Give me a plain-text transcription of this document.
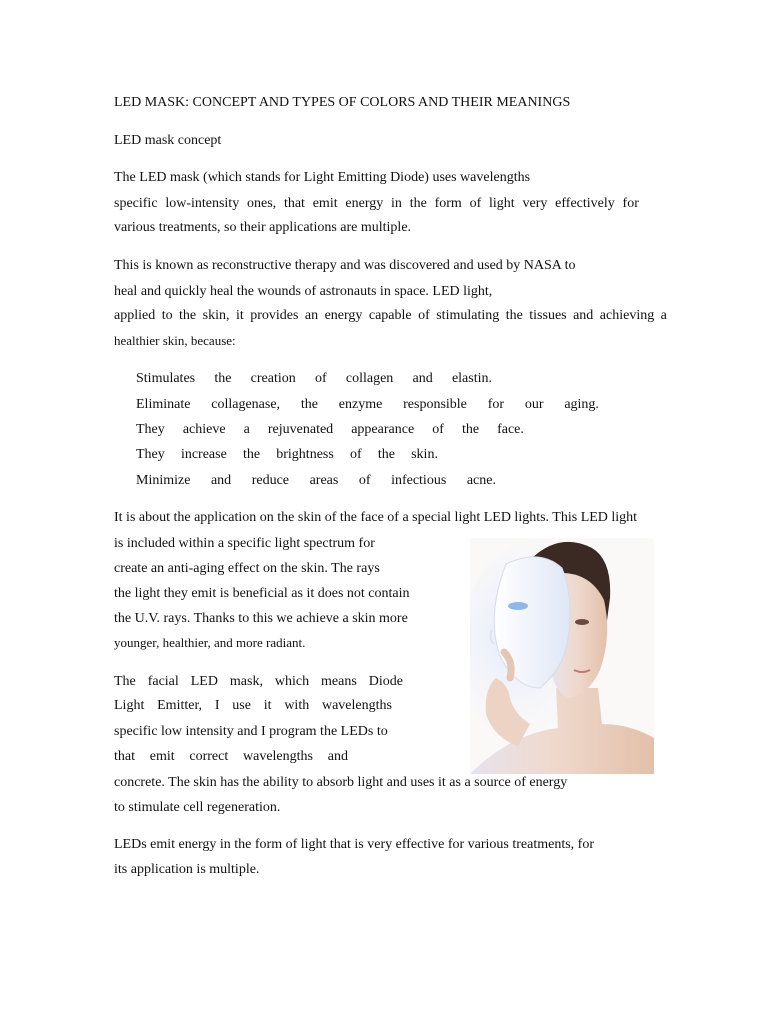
LED MASK: CONCEPT AND TYPES OF COLORS AND THEIR MEANINGS
LED mask concept
The LED mask (which stands for Light Emitting Diode) uses wavelengths
specific low-intensity ones, that emit energy in the form of light very effectively for
various treatments, so their applications are multiple.
This is known as reconstructive therapy and was discovered and used by NASA to
heal and quickly heal the wounds of astronauts in space. LED light,
applied to the skin, it provides an energy capable of stimulating the tissues and achieving a
healthier skin, because:
Stimulates the creation of collagen and elastin.
Eliminate collagenase, the enzyme responsible for our aging.
They achieve a rejuvenated appearance of the face.
They increase the brightness of the skin.
Minimize and reduce areas of infectious acne.
It is about the application on the skin of the face of a special light LED lights. This LED light
is included within a specific light spectrum for
create an anti-aging effect on the skin. The rays
the light they emit is beneficial as it does not contain
the U.V. rays. Thanks to this we achieve a skin more
younger, healthier, and more radiant.
The facial LED mask, which means Diode
Light Emitter, I use it with wavelengths
specific low intensity and I program the LEDs to
that emit correct wavelengths and
concrete. The skin has the ability to absorb light and uses it as a source of energy
to stimulate cell regeneration.
LEDs emit energy in the form of light that is very effective for various treatments, for
its application is multiple.
